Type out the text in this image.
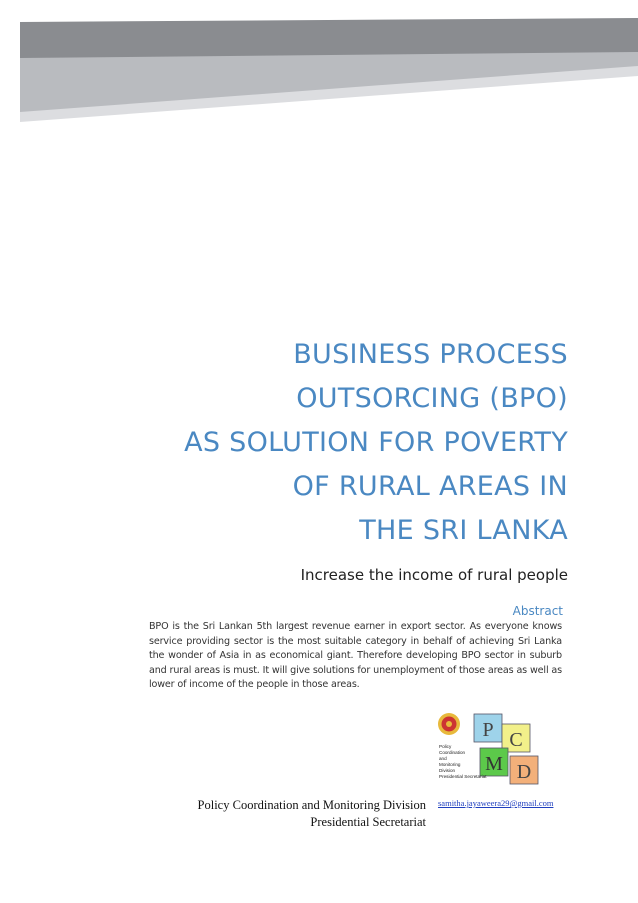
BUSINESS PROCESS
OUTSORCING (BPO)
AS SOLUTION FOR POVERTY
OF RURAL AREAS IN
THE SRI LANKA
Increase the income of rural people
Abstract
BPO is the Sri Lankan 5th largest revenue earner in export sector. As everyone knows service providing sector is the most suitable category in behalf of achieving Sri Lanka the wonder of Asia in as economical giant. Therefore developing BPO sector in suburb and rural areas is must. It will give solutions for unemployment of those areas as well as lower of income of the people in those areas.
P C
M D
Policy
Coordination
and
Monitoring
Division
Presidential Secretariat
Policy Coordination and Monitoring Division
Presidential Secretariat
samitha.jayaweera29@gmail.com
